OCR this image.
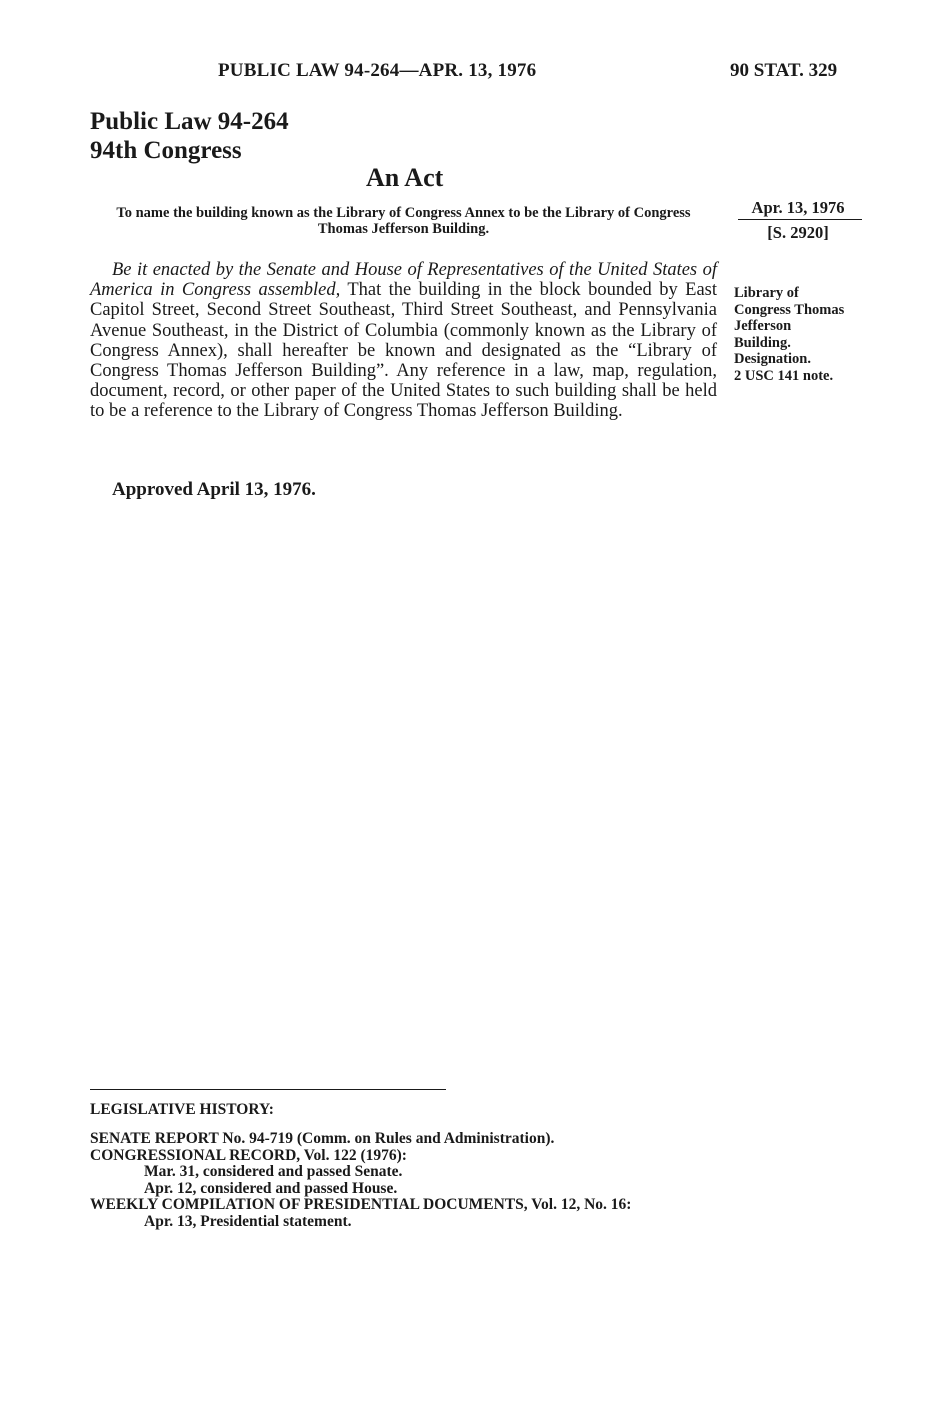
PUBLIC LAW 94-264—APR. 13, 1976	90 STAT. 329
Public Law 94-264
94th Congress
An Act
To name the building known as the Library of Congress Annex to be the Library of Congress Thomas Jefferson Building.
Apr. 13, 1976
[S. 2920]
Be it enacted by the Senate and House of Representatives of the United States of America in Congress assembled, That the building in the block bounded by East Capitol Street, Second Street Southeast, Third Street Southeast, and Pennsylvania Avenue Southeast, in the District of Columbia (commonly known as the Library of Congress Annex), shall hereafter be known and designated as the “Library of Congress Thomas Jefferson Building”. Any reference in a law, map, regulation, document, record, or other paper of the United States to such building shall be held to be a reference to the Library of Congress Thomas Jefferson Building.
Library of
Congress Thomas
Jefferson
Building.
Designation.
2 USC 141 note.
Approved April 13, 1976.
LEGISLATIVE HISTORY:
SENATE REPORT No. 94-719 (Comm. on Rules and Administration).
CONGRESSIONAL RECORD, Vol. 122 (1976):
Mar. 31, considered and passed Senate.
Apr. 12, considered and passed House.
WEEKLY COMPILATION OF PRESIDENTIAL DOCUMENTS, Vol. 12, No. 16:
Apr. 13, Presidential statement.
